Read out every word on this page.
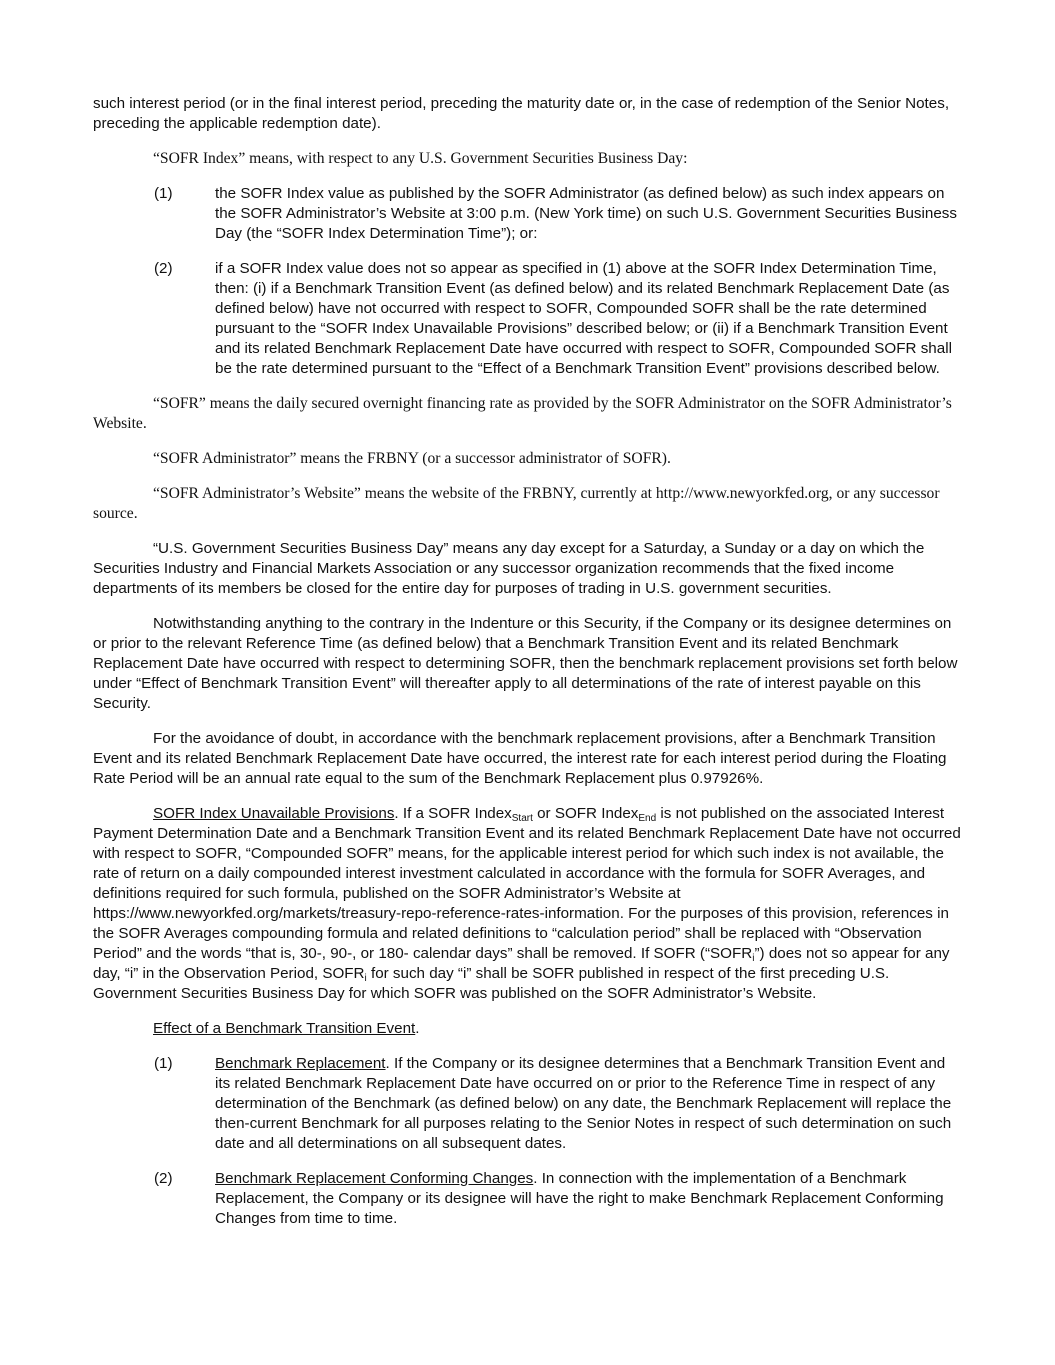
such interest period (or in the final interest period, preceding the maturity date or, in the case of redemption of the Senior Notes, preceding the applicable redemption date).

“SOFR Index” means, with respect to any U.S. Government Securities Business Day:

(1)	the SOFR Index value as published by the SOFR Administrator (as defined below) as such index appears on the SOFR Administrator’s Website at 3:00 p.m. (New York time) on such U.S. Government Securities Business Day (the “SOFR Index Determination Time”); or:
(2)	if a SOFR Index value does not so appear as specified in (1) above at the SOFR Index Determination Time, then: (i) if a Benchmark Transition Event (as defined below) and its related Benchmark Replacement Date (as defined below) have not occurred with respect to SOFR, Compounded SOFR shall be the rate determined pursuant to the “SOFR Index Unavailable Provisions” described below; or (ii) if a Benchmark Transition Event and its related Benchmark Replacement Date have occurred with respect to SOFR, Compounded SOFR shall be the rate determined pursuant to the “Effect of a Benchmark Transition Event” provisions described below.

“SOFR” means the daily secured overnight financing rate as provided by the SOFR Administrator on the SOFR Administrator’s Website.

“SOFR Administrator” means the FRBNY (or a successor administrator of SOFR).

“SOFR Administrator’s Website” means the website of the FRBNY, currently at http://www.newyorkfed.org, or any successor source.

“U.S. Government Securities Business Day” means any day except for a Saturday, a Sunday or a day on which the Securities Industry and Financial Markets Association or any successor organization recommends that the fixed income departments of its members be closed for the entire day for purposes of trading in U.S. government securities.

Notwithstanding anything to the contrary in the Indenture or this Security, if the Company or its designee determines on or prior to the relevant Reference Time (as defined below) that a Benchmark Transition Event and its related Benchmark Replacement Date have occurred with respect to determining SOFR, then the benchmark replacement provisions set forth below under “Effect of Benchmark Transition Event” will thereafter apply to all determinations of the rate of interest payable on this Security.

For the avoidance of doubt, in accordance with the benchmark replacement provisions, after a Benchmark Transition Event and its related Benchmark Replacement Date have occurred, the interest rate for each interest period during the Floating Rate Period will be an annual rate equal to the sum of the Benchmark Replacement plus 0.97926%.

SOFR Index Unavailable Provisions. If a SOFR Index$_{Start}$ or SOFR Index$_{End}$ is not published on the associated Interest Payment Determination Date and a Benchmark Transition Event and its related Benchmark Replacement Date have not occurred with respect to SOFR, “Compounded SOFR” means, for the applicable interest period for which such index is not available, the rate of return on a daily compounded interest investment calculated in accordance with the formula for SOFR Averages, and definitions required for such formula, published on the SOFR Administrator’s Website at https://www.newyorkfed.org/markets/treasury-repo-reference-rates-information. For the purposes of this provision, references in the SOFR Averages compounding formula and related definitions to “calculation period” shall be replaced with “Observation Period” and the words “that is, 30-, 90-, or 180- calendar days” shall be removed. If SOFR $(“SOFR_i”)$ does not so appear for any day, “i” in the Observation Period, $SOFR_i$ for such day “i” shall be SOFR published in respect of the first preceding U.S. Government Securities Business Day for which SOFR was published on the SOFR Administrator’s Website.

Effect of a Benchmark Transition Event.

(1)	Benchmark Replacement. If the Company or its designee determines that a Benchmark Transition Event and its related Benchmark Replacement Date have occurred on or prior to the Reference Time in respect of any determination of the Benchmark (as defined below) on any date, the Benchmark Replacement will replace the then-current Benchmark for all purposes relating to the Senior Notes in respect of such determination on such date and all determinations on all subsequent dates.
(2)	Benchmark Replacement Conforming Changes. In connection with the implementation of a Benchmark Replacement, the Company or its designee will have the right to make Benchmark Replacement Conforming Changes from time to time.
